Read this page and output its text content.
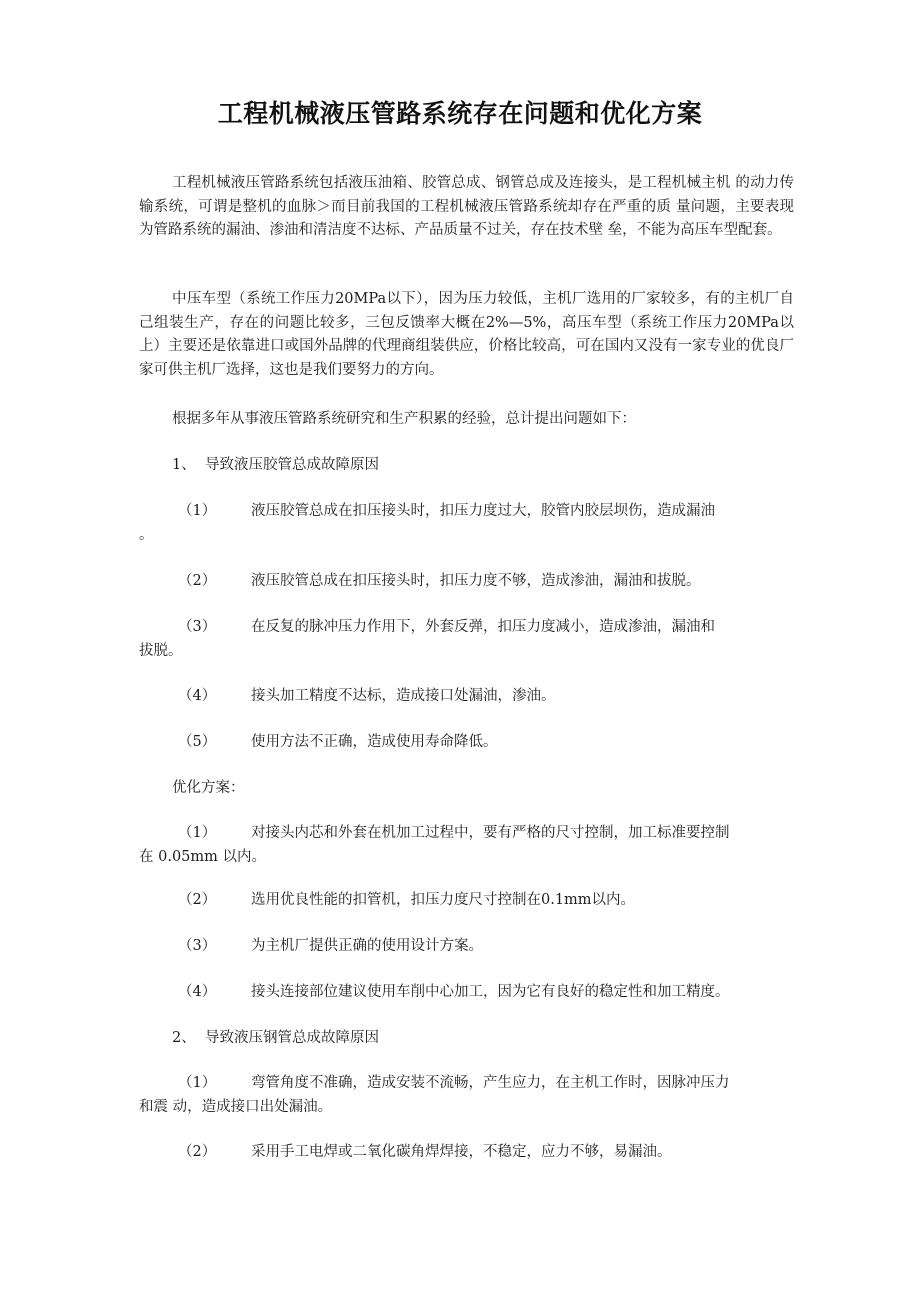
工程机械液压管路系统存在问题和优化方案
工程机械液压管路系统包括液压油箱、胶管总成、钢管总成及连接头，是工程机械主机 的动力传输系统，可谓是整机的血脉＞而目前我国的工程机械液压管路系统却存在严重的质 量问题，主要表现为管路系统的漏油、渗油和清洁度不达标、产品质量不过关，存在技术壁 垒，不能为高压车型配套。
中压车型（系统工作压力20MPa以下），因为压力较低，主机厂选用的厂家较多，有的主机厂自己组装生产，存在的问题比较多，三包反馈率大概在2%—5%，高压车型（系统工作压力20MPa以上）主要还是依靠进口或国外品牌的代理商组装供应，价格比较高，可在国内又没有一家专业的优良厂家可供主机厂选择，这也是我们要努力的方向。
根据多年从事液压管路系统研究和生产积累的经验，总计提出问题如下：
1、 导致液压胶管总成故障原因
（1） 液压胶管总成在扣压接头时，扣压力度过大，胶管内胶层坝伤，造成漏油
。
（2） 液压胶管总成在扣压接头时，扣压力度不够，造成渗油，漏油和拔脱。
（3） 在反复的脉冲压力作用下，外套反弹，扣压力度减小，造成渗油，漏油和
拔脱。
（4） 接头加工精度不达标，造成接口处漏油，渗油。
（5） 使用方法不正确，造成使用寿命降低。
优化方案：
（1） 对接头内芯和外套在机加工过程中，要有严格的尺寸控制，加工标准要控制
在 0.05mm 以内。
（2） 选用优良性能的扣管机，扣压力度尺寸控制在0.1mm以内。
（3） 为主机厂提供正确的使用设计方案。
（4） 接头连接部位建议使用车削中心加工，因为它有良好的稳定性和加工精度。
2、 导致液压钢管总成故障原因
（1） 弯管角度不准确，造成安装不流畅，产生应力，在主机工作时，因脉冲压力
和震 动，造成接口出处漏油。
（2） 采用手工电焊或二氧化碳角焊焊接，不稳定，应力不够，易漏油。
